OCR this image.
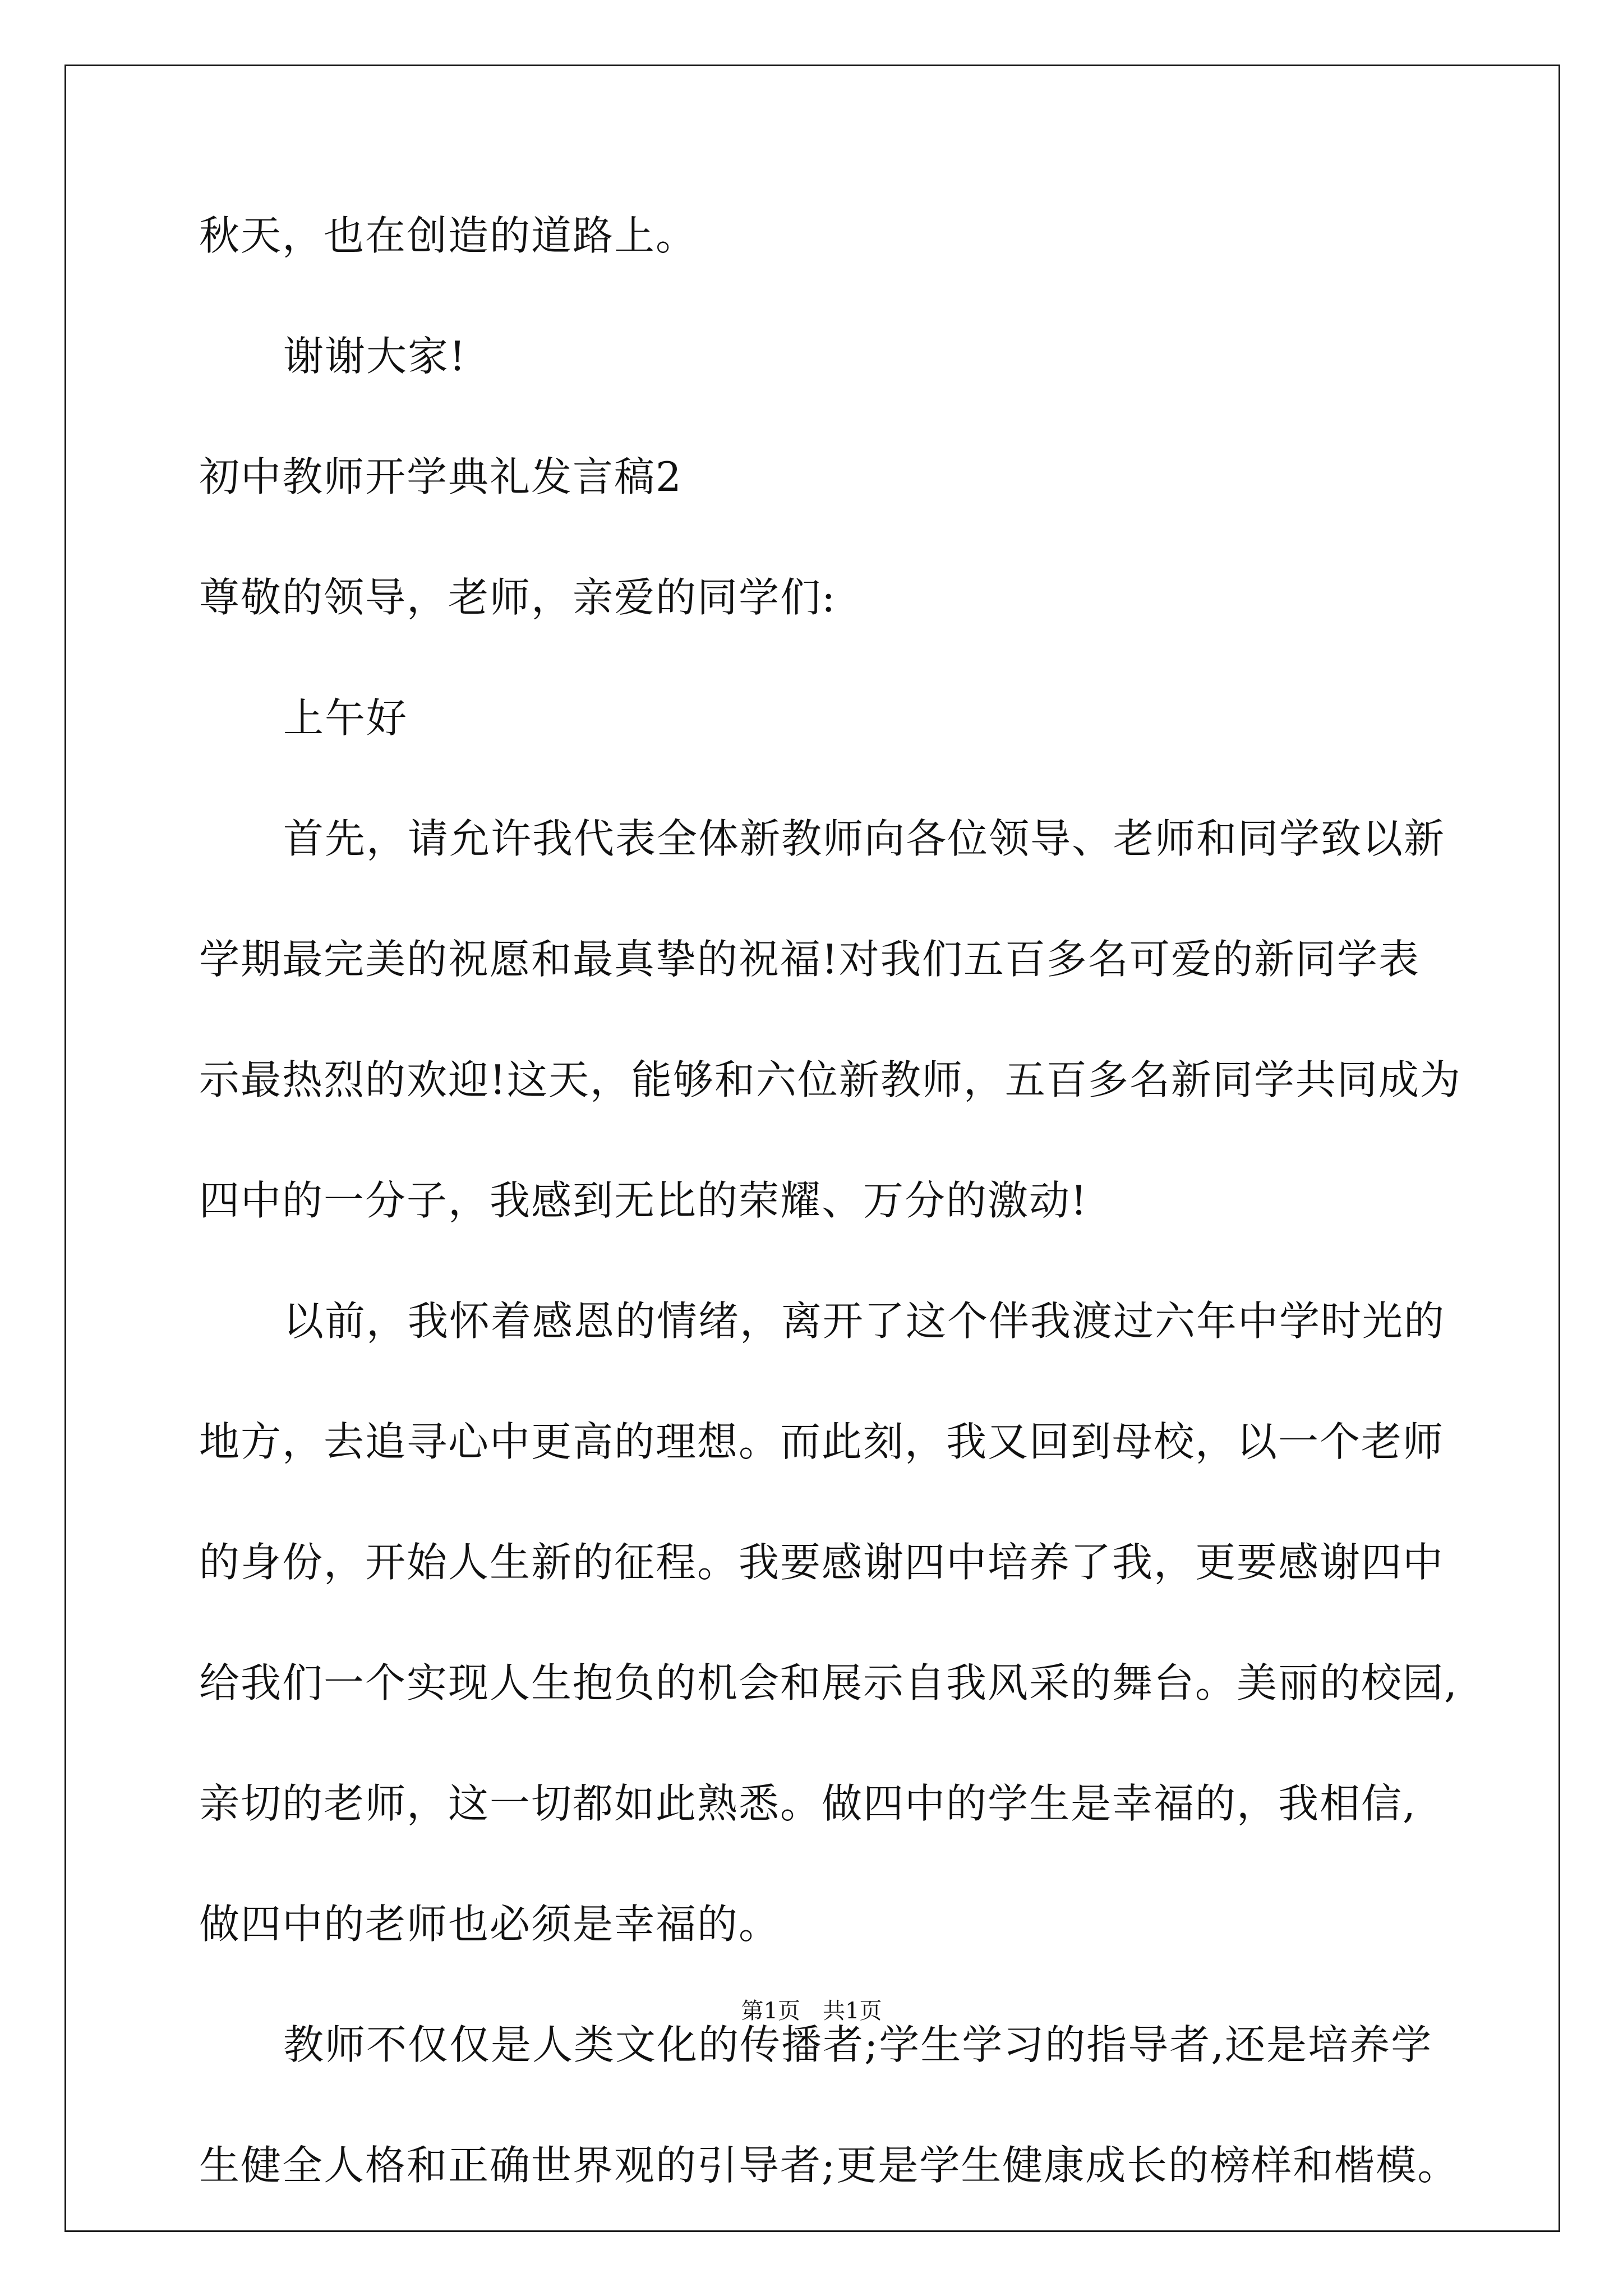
秋天，也在创造的道路上。
谢谢大家!
初中教师开学典礼发言稿2
尊敬的领导，老师，亲爱的同学们:
上午好
首先，请允许我代表全体新教师向各位领导、老师和同学致以新
学期最完美的祝愿和最真挚的祝福!对我们五百多名可爱的新同学表
示最热烈的欢迎!这天，能够和六位新教师，五百多名新同学共同成为
四中的一分子，我感到无比的荣耀、万分的激动!
以前，我怀着感恩的情绪，离开了这个伴我渡过六年中学时光的
地方，去追寻心中更高的理想。而此刻，我又回到母校，以一个老师
的身份，开始人生新的征程。我要感谢四中培养了我，更要感谢四中
给我们一个实现人生抱负的机会和展示自我风采的舞台。美丽的校园,
亲切的老师，这一切都如此熟悉。做四中的学生是幸福的，我相信,
做四中的老师也必须是幸福的。
教师不仅仅是人类文化的传播者;学生学习的指导者,还是培养学
生健全人格和正确世界观的引导者;更是学生健康成长的榜样和楷模。
第1页　共1页
